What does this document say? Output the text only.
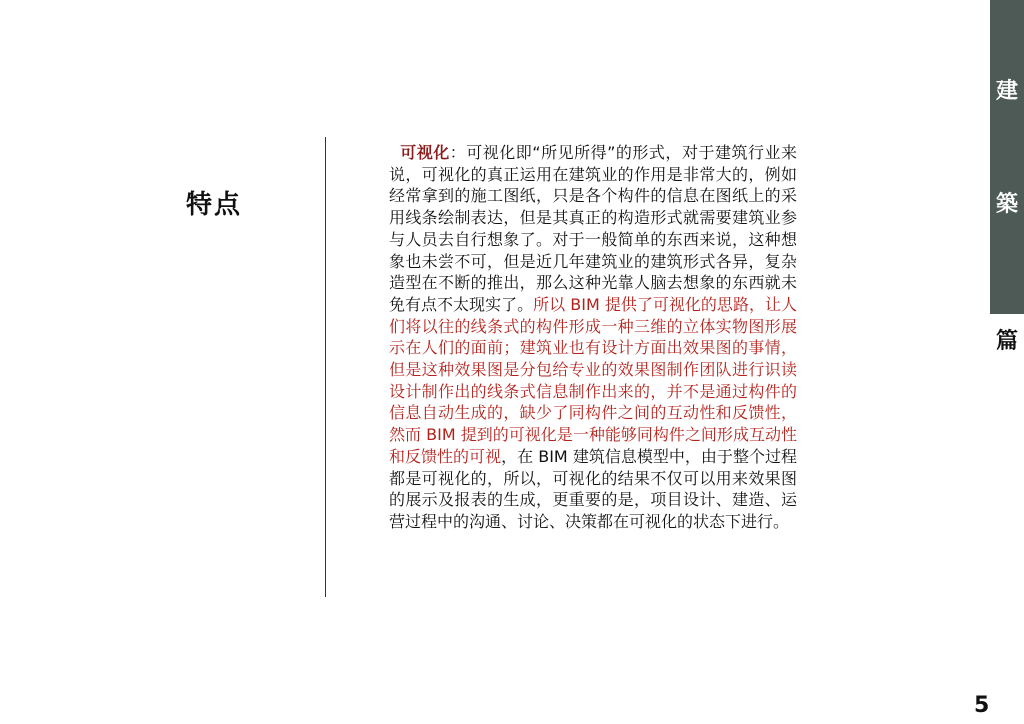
特点
可视化：可视化即“所见所得”的形式，对于建筑行业来说，可视化的真正运用在建筑业的作用是非常大的，例如经常拿到的施工图纸，只是各个构件的信息在图纸上的采用线条绘制表达，但是其真正的构造形式就需要建筑业参与人员去自行想象了。对于一般简单的东西来说，这种想象也未尝不可，但是近几年建筑业的建筑形式各异，复杂造型在不断的推出，那么这种光靠人脑去想象的东西就未免有点不太现实了。所以 BIM 提供了可视化的思路，让人们将以往的线条式的构件形成一种三维的立体实物图形展示在人们的面前；建筑业也有设计方面出效果图的事情，但是这种效果图是分包给专业的效果图制作团队进行识读设计制作出的线条式信息制作出来的，并不是通过构件的信息自动生成的，缺少了同构件之间的互动性和反馈性，然而 BIM 提到的可视化是一种能够同构件之间形成互动性和反馈性的可视，在 BIM 建筑信息模型中，由于整个过程都是可视化的，所以，可视化的结果不仅可以用来效果图的展示及报表的生成，更重要的是，项目设计、建造、运营过程中的沟通、讨论、决策都在可视化的状态下进行。
建
築
篇
5
